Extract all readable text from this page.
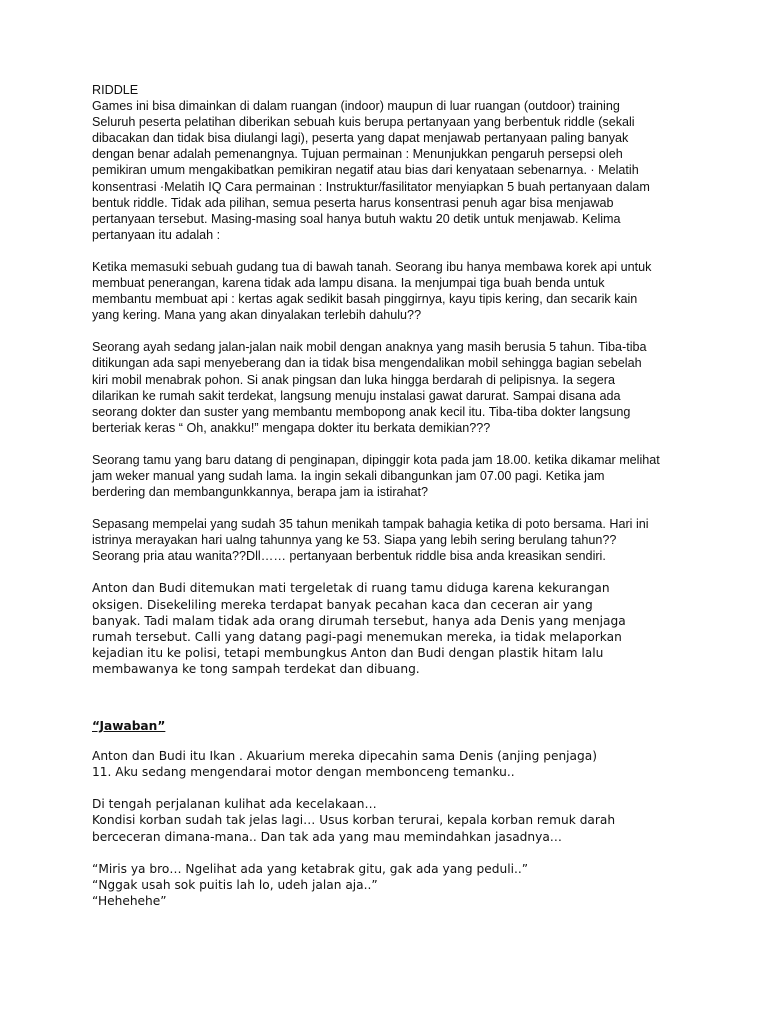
RIDDLE

Games ini bisa dimainkan di dalam ruangan (indoor) maupun di luar ruangan (outdoor) training
Seluruh peserta pelatihan diberikan sebuah kuis berupa pertanyaan yang berbentuk riddle (sekali
dibacakan dan tidak bisa diulangi lagi), peserta yang dapat menjawab pertanyaan paling banyak
dengan benar adalah pemenangnya. Tujuan permainan : Menunjukkan pengaruh persepsi oleh
pemikiran umum mengakibatkan pemikiran negatif atau bias dari kenyataan sebenarnya. · Melatih
konsentrasi ·Melatih IQ Cara permainan : Instruktur/fasilitator menyiapkan 5 buah pertanyaan dalam
bentuk riddle. Tidak ada pilihan, semua peserta harus konsentrasi penuh agar bisa menjawab
pertanyaan tersebut. Masing-masing soal hanya butuh waktu 20 detik untuk menjawab. Kelima
pertanyaan itu adalah :

Ketika memasuki sebuah gudang tua di bawah tanah. Seorang ibu hanya membawa korek api untuk
membuat penerangan, karena tidak ada lampu disana. Ia menjumpai tiga buah benda untuk
membantu membuat api : kertas agak sedikit basah pinggirnya, kayu tipis kering, dan secarik kain
yang kering. Mana yang akan dinyalakan terlebih dahulu??

Seorang ayah sedang jalan-jalan naik mobil dengan anaknya yang masih berusia 5 tahun. Tiba-tiba
ditikungan ada sapi menyeberang dan ia tidak bisa mengendalikan mobil sehingga bagian sebelah
kiri mobil menabrak pohon. Si anak pingsan dan luka hingga berdarah di pelipisnya. Ia segera
dilarikan ke rumah sakit terdekat, langsung menuju instalasi gawat darurat. Sampai disana ada
seorang dokter dan suster yang membantu membopong anak kecil itu. Tiba-tiba dokter langsung
berteriak keras “ Oh, anakku!” mengapa dokter itu berkata demikian???

Seorang tamu yang baru datang di penginapan, dipinggir kota pada jam 18.00. ketika dikamar melihat
jam weker manual yang sudah lama. Ia ingin sekali dibangunkan jam 07.00 pagi. Ketika jam
berdering dan membangunkkannya, berapa jam ia istirahat?

Sepasang mempelai yang sudah 35 tahun menikah tampak bahagia ketika di poto bersama. Hari ini
istrinya merayakan hari ualng tahunnya yang ke 53. Siapa yang lebih sering berulang tahun??
Seorang pria atau wanita??Dll…… pertanyaan berbentuk riddle bisa anda kreasikan sendiri.

Anton dan Budi ditemukan mati tergeletak di ruang tamu diduga karena kekurangan
oksigen. Disekeliling mereka terdapat banyak pecahan kaca dan ceceran air yang
banyak. Tadi malam tidak ada orang dirumah tersebut, hanya ada Denis yang menjaga
rumah tersebut. Calli yang datang pagi-pagi menemukan mereka, ia tidak melaporkan
kejadian itu ke polisi, tetapi membungkus Anton dan Budi dengan plastik hitam lalu
membawanya ke tong sampah terdekat dan dibuang.

“Jawaban”

Anton dan Budi itu Ikan . Akuarium mereka dipecahin sama Denis (anjing penjaga)
11. Aku sedang mengendarai motor dengan membonceng temanku..

Di tengah perjalanan kulihat ada kecelakaan…
Kondisi korban sudah tak jelas lagi… Usus korban terurai, kepala korban remuk darah
berceceran dimana-mana.. Dan tak ada yang mau memindahkan jasadnya…

“Miris ya bro… Ngelihat ada yang ketabrak gitu, gak ada yang peduli..”
“Nggak usah sok puitis lah lo, udeh jalan aja..”
“Hehehehe”
